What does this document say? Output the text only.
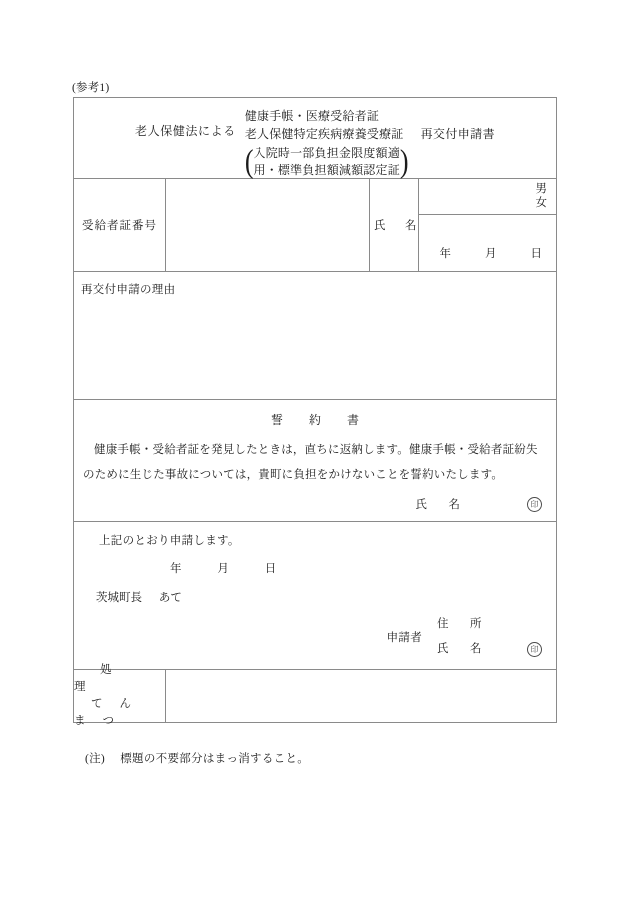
(参考1)
老人保健法による
健康手帳・医療受給者証
老人保健特定疾病療養受療証
( 入院時一部負担金限度額適
用・標準負担額減額認定証 )
再交付申請書

受給者証番号		氏　名	男
女
年 月 日

再交付申請の理由			

誓約書

健康手帳・受給者証を発見したときは，直ちに返納します。健康手帳・受給者証紛失

のために生じた事故については，貴町に負担をかけないことを誓約いたします。

氏　名 印			

上記のとおり申請します。
年	月	日
茨城町長 あて
申請者
住　所
氏　名	印

処理
てんまつ			

(注) 標題の不要部分はまっ消すること。
